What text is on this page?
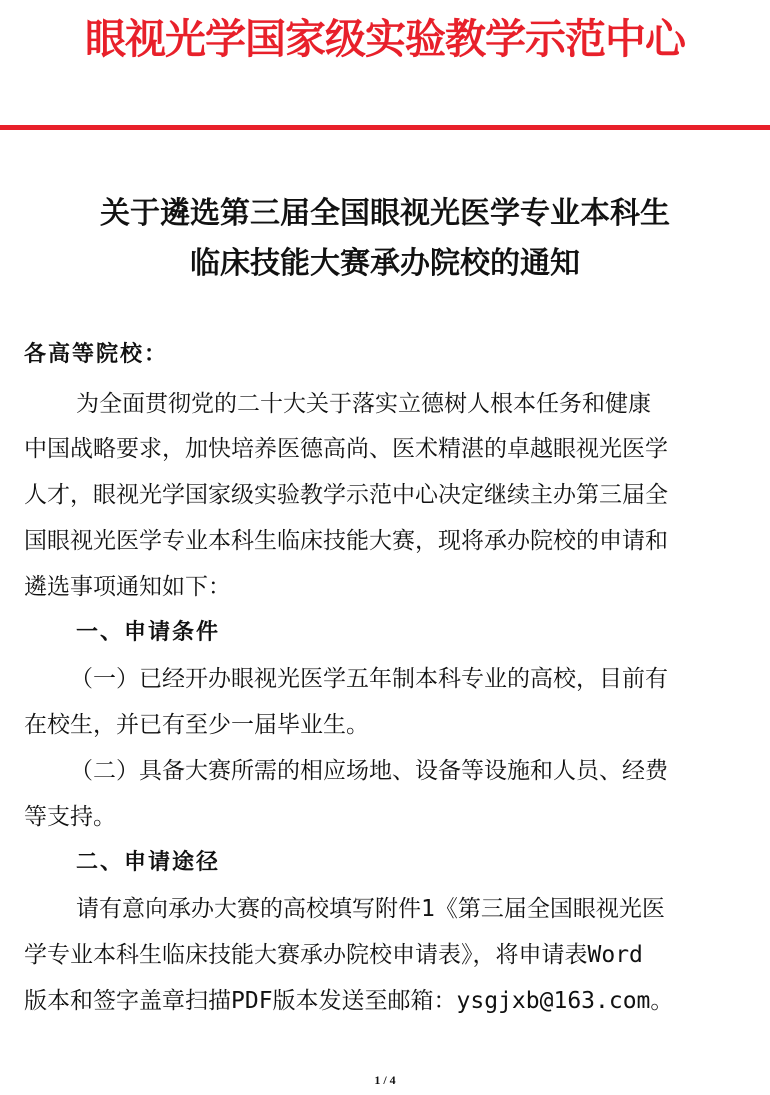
眼视光学国家级实验教学示范中心
关于遴选第三届全国眼视光医学专业本科生
临床技能大赛承办院校的通知
各高等院校：
为全面贯彻党的二十大关于落实立德树人根本任务和健康
中国战略要求，加快培养医德高尚、医术精湛的卓越眼视光医学
人才，眼视光学国家级实验教学示范中心决定继续主办第三届全
国眼视光医学专业本科生临床技能大赛，现将承办院校的申请和
遴选事项通知如下：
一、申请条件
（一）已经开办眼视光医学五年制本科专业的高校，目前有
在校生，并已有至少一届毕业生。
（二）具备大赛所需的相应场地、设备等设施和人员、经费
等支持。
二、申请途径
请有意向承办大赛的高校填写附件1《第三届全国眼视光医
学专业本科生临床技能大赛承办院校申请表》，将申请表Word
版本和签字盖章扫描PDF版本发送至邮箱：ysgjxb@163.com。
1 / 4
